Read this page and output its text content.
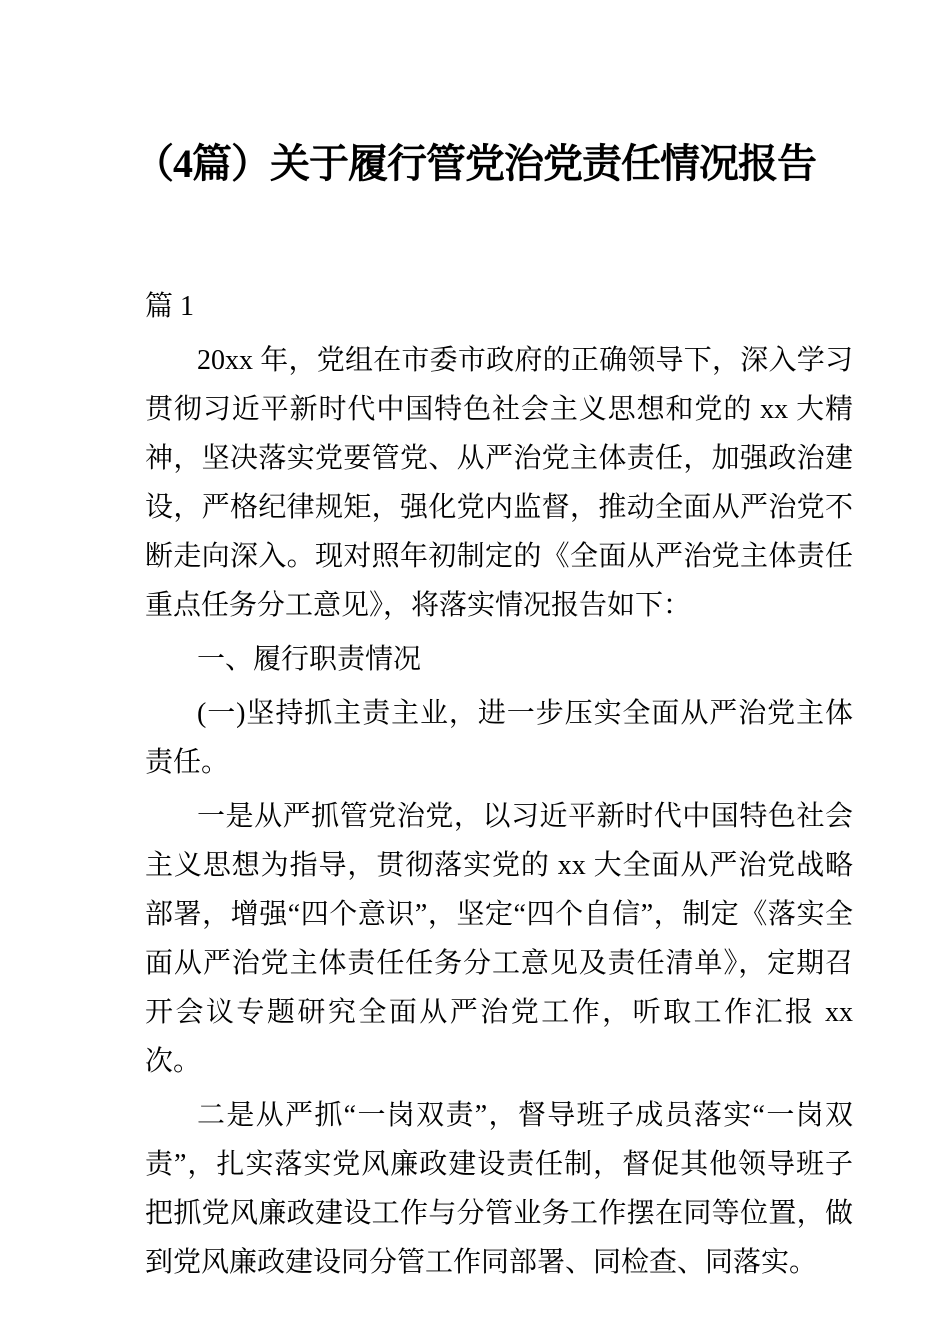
（4篇）关于履行管党治党责任情况报告

篇 1

20xx 年，党组在市委市政府的正确领导下，深入学习贯彻习近平新时代中国特色社会主义思想和党的 xx 大精神，坚决落实党要管党、从严治党主体责任，加强政治建设，严格纪律规矩，强化党内监督，推动全面从严治党不断走向深入。现对照年初制定的《全面从严治党主体责任重点任务分工意见》，将落实情况报告如下：

一、履行职责情况

(一)坚持抓主责主业，进一步压实全面从严治党主体责任。

一是从严抓管党治党，以习近平新时代中国特色社会主义思想为指导，贯彻落实党的 xx 大全面从严治党战略部署，增强“四个意识”，坚定“四个自信”，制定《落实全面从严治党主体责任任务分工意见及责任清单》，定期召开会议专题研究全面从严治党工作，听取工作汇报 xx 次。

二是从严抓“一岗双责”，督导班子成员落实“一岗双责”，扎实落实党风廉政建设责任制，督促其他领导班子把抓党风廉政建设工作与分管业务工作摆在同等位置，做到党风廉政建设同分管工作同部署、同检查、同落实。
